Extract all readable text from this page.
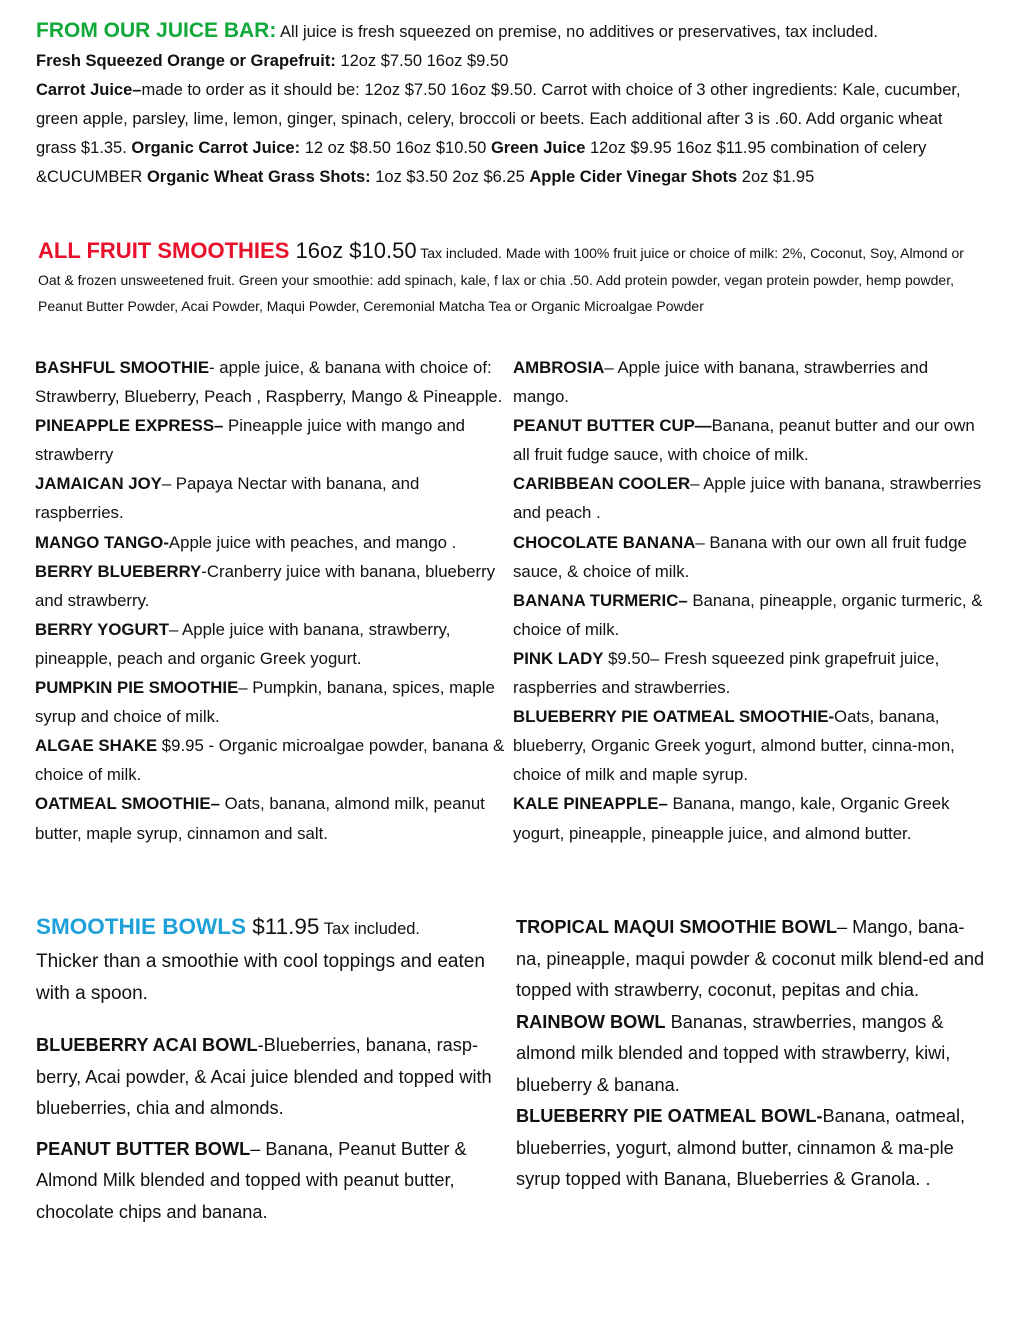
FROM OUR JUICE BAR: All juice is fresh squeezed on premise, no additives or preservatives, tax included.

Fresh Squeezed Orange or Grapefruit: 12oz $7.50 16oz $9.50

Carrot Juice–made to order as it should be: 12oz $7.50 16oz $9.50. Carrot with choice of 3 other ingredients: Kale, cucumber, green apple, parsley, lime, lemon, ginger, spinach, celery, broccoli or beets. Each additional after 3 is .60. Add organic wheat grass $1.35. Organic Carrot Juice: 12 oz $8.50 16oz $10.50 Green Juice 12oz $9.95 16oz $11.95 combination of celery &CUCUMBER Organic Wheat Grass Shots: 1oz $3.50 2oz $6.25 Apple Cider Vinegar Shots 2oz $1.95

ALL FRUIT SMOOTHIES 16oz $10.50 Tax included. Made with 100% fruit juice or choice of milk: 2%, Coconut, Soy, Almond or Oat & frozen unsweetened fruit. Green your smoothie: add spinach, kale, f lax or chia .50. Add protein powder, vegan protein powder, hemp powder, Peanut Butter Powder, Acai Powder, Maqui Powder, Ceremonial Matcha Tea or Organic Microalgae Powder

BASHFUL SMOOTHIE- apple juice, & banana with choice of: Strawberry, Blueberry, Peach , Raspberry, Mango & Pineapple.

PINEAPPLE EXPRESS– Pineapple juice with mango and strawberry

JAMAICAN JOY– Papaya Nectar with banana, and raspberries.

MANGO TANGO-Apple juice with peaches, and mango .

BERRY BLUEBERRY-Cranberry juice with banana, blueberry and strawberry.

BERRY YOGURT– Apple juice with banana, strawberry, pineapple, peach and organic Greek yogurt.

PUMPKIN PIE SMOOTHIE– Pumpkin, banana, spices, maple syrup and choice of milk.

ALGAE SHAKE $9.95 - Organic microalgae powder, banana & choice of milk.

OATMEAL SMOOTHIE– Oats, banana, almond milk, peanut butter, maple syrup, cinnamon and salt.

AMBROSIA– Apple juice with banana, strawberries and mango.

PEANUT BUTTER CUP—Banana, peanut butter and our own all fruit fudge sauce, with choice of milk.

CARIBBEAN COOLER– Apple juice with banana, strawberries and peach .

CHOCOLATE BANANA– Banana with our own all fruit fudge sauce, & choice of milk.

BANANA TURMERIC– Banana, pineapple, organic turmeric, & choice of milk.

PINK LADY $9.50– Fresh squeezed pink grapefruit juice, raspberries and strawberries.

BLUEBERRY PIE OATMEAL SMOOTHIE-Oats, banana, blueberry, Organic Greek yogurt, almond butter, cinna-mon, choice of milk and maple syrup.

KALE PINEAPPLE– Banana, mango, kale, Organic Greek yogurt, pineapple, pineapple juice, and almond butter.

SMOOTHIE BOWLS $11.95 Tax included.

Thicker than a smoothie with cool toppings and eaten with a spoon.

BLUEBERRY ACAI BOWL-Blueberries, banana, rasp-berry, Acai powder, & Acai juice blended and topped with blueberries, chia and almonds.

PEANUT BUTTER BOWL– Banana, Peanut Butter & Almond Milk blended and topped with peanut butter, chocolate chips and banana.

TROPICAL MAQUI SMOOTHIE BOWL– Mango, bana-na, pineapple, maqui powder & coconut milk blend-ed and topped with strawberry, coconut, pepitas and chia.

RAINBOW BOWL Bananas, strawberries, mangos & almond milk blended and topped with strawberry, kiwi, blueberry & banana.

BLUEBERRY PIE OATMEAL BOWL-Banana, oatmeal, blueberries, yogurt, almond butter, cinnamon & ma-ple syrup topped with Banana, Blueberries & Granola. .
